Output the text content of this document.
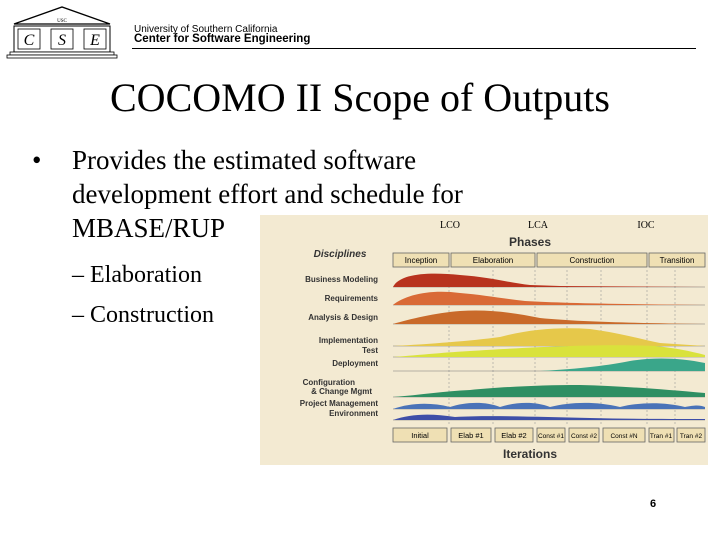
USC
C S E
University of Southern California
Center for Software Engineering
COCOMO II Scope of Outputs
• Provides the estimated software
development effort and schedule for
MBASE/RUP
– Elaboration
– Construction
LCO	LCA	IOC
Phases
Disciplines
Inception	Elaboration	Construction	Transition
Business Modeling
Requirements
Analysis & Design
Implementation
Test
Deployment
Configuration
& Change Mgmt
Project Management
Environment
Initial	Elab #1 Elab #2 Const #1 Const #2 Const #N Tran #1 Tran #2
Iterations
6
